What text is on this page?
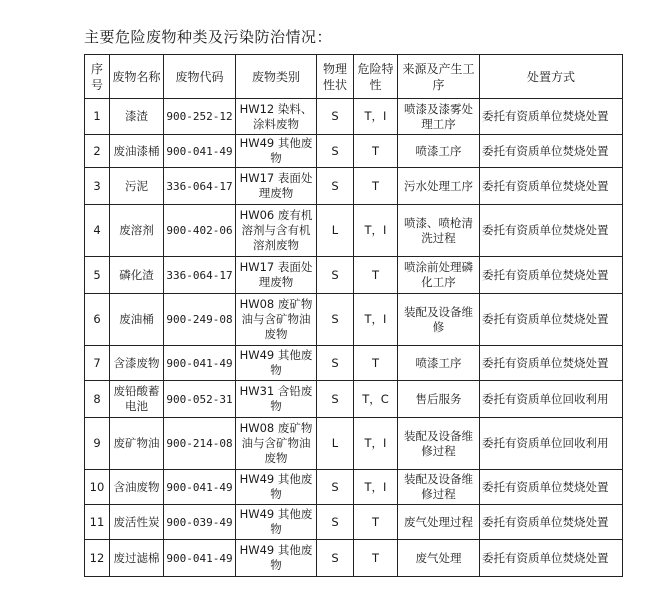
主要危险废物种类及污染防治情况：
序号	废物名称	废物代码	废物类别	物理性状	危险特性	来源及产生工序	处置方式
1	漆渣	900-252-12	HW12 染料、涂料废物	S	T，I	喷漆及漆雾处理工序	委托有资质单位焚烧处置
2	废油漆桶	900-041-49	HW49 其他废物	S	T	喷漆工序	委托有资质单位焚烧处置
3	污泥	336-064-17	HW17 表面处理废物	S	T	污水处理工序	委托有资质单位焚烧处置
4	废溶剂	900-402-06	HW06 废有机溶剂与含有机溶剂废物	L	T，I	喷漆、喷枪清洗过程	委托有资质单位焚烧处置
5	磷化渣	336-064-17	HW17 表面处理废物	S	T	喷涂前处理磷化工序	委托有资质单位焚烧处置
6	废油桶	900-249-08	HW08 废矿物油与含矿物油废物	S	T，I	装配及设备维修	委托有资质单位焚烧处置
7	含漆废物	900-041-49	HW49 其他废物	S	T	喷漆工序	委托有资质单位焚烧处置
8	废铅酸蓄电池	900-052-31	HW31 含铅废物	S	T，C	售后服务	委托有资质单位回收利用
9	废矿物油	900-214-08	HW08 废矿物油与含矿物油废物	L	T，I	装配及设备维修过程	委托有资质单位回收利用
10	含油废物	900-041-49	HW49 其他废物	S	T，I	装配及设备维修过程	委托有资质单位焚烧处置
11	废活性炭	900-039-49	HW49 其他废物	S	T	废气处理过程	委托有资质单位焚烧处置
12	废过滤棉	900-041-49	HW49 其他废物	S	T	废气处理	委托有资质单位焚烧处置
